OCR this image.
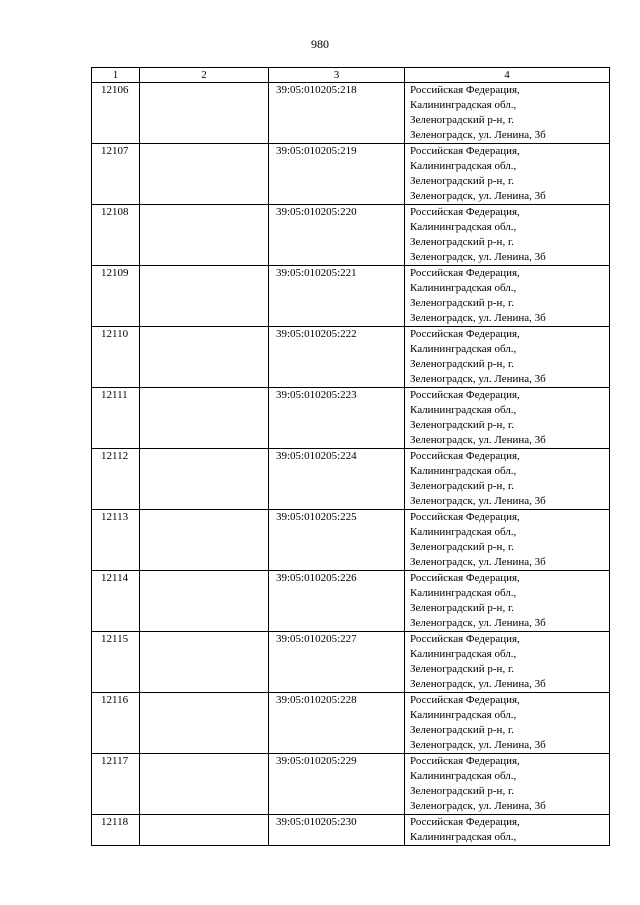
980
1	2	3	4
12106		39:05:010205:218	Российская Федерация,
Калининградская обл.,
Зеленоградский р-н, г.
Зеленоградск, ул. Ленина, 3б

12107		39:05:010205:219	Российская Федерация,
Калининградская обл.,
Зеленоградский р-н, г.
Зеленоградск, ул. Ленина, 3б

12108		39:05:010205:220	Российская Федерация,
Калининградская обл.,
Зеленоградский р-н, г.
Зеленоградск, ул. Ленина, 3б

12109		39:05:010205:221	Российская Федерация,
Калининградская обл.,
Зеленоградский р-н, г.
Зеленоградск, ул. Ленина, 3б

12110		39:05:010205:222	Российская Федерация,
Калининградская обл.,
Зеленоградский р-н, г.
Зеленоградск, ул. Ленина, 3б

12111		39:05:010205:223	Российская Федерация,
Калининградская обл.,
Зеленоградский р-н, г.
Зеленоградск, ул. Ленина, 3б

12112		39:05:010205:224	Российская Федерация,
Калининградская обл.,
Зеленоградский р-н, г.
Зеленоградск, ул. Ленина, 3б

12113		39:05:010205:225	Российская Федерация,
Калининградская обл.,
Зеленоградский р-н, г.
Зеленоградск, ул. Ленина, 3б

12114		39:05:010205:226	Российская Федерация,
Калининградская обл.,
Зеленоградский р-н, г.
Зеленоградск, ул. Ленина, 3б

12115		39:05:010205:227	Российская Федерация,
Калининградская обл.,
Зеленоградский р-н, г.
Зеленоградск, ул. Ленина, 3б

12116		39:05:010205:228	Российская Федерация,
Калининградская обл.,
Зеленоградский р-н, г.
Зеленоградск, ул. Ленина, 3б

12117		39:05:010205:229	Российская Федерация,
Калининградская обл.,
Зеленоградский р-н, г.
Зеленоградск, ул. Ленина, 3б

12118		39:05:010205:230	Российская Федерация,
Калининградская обл.,
